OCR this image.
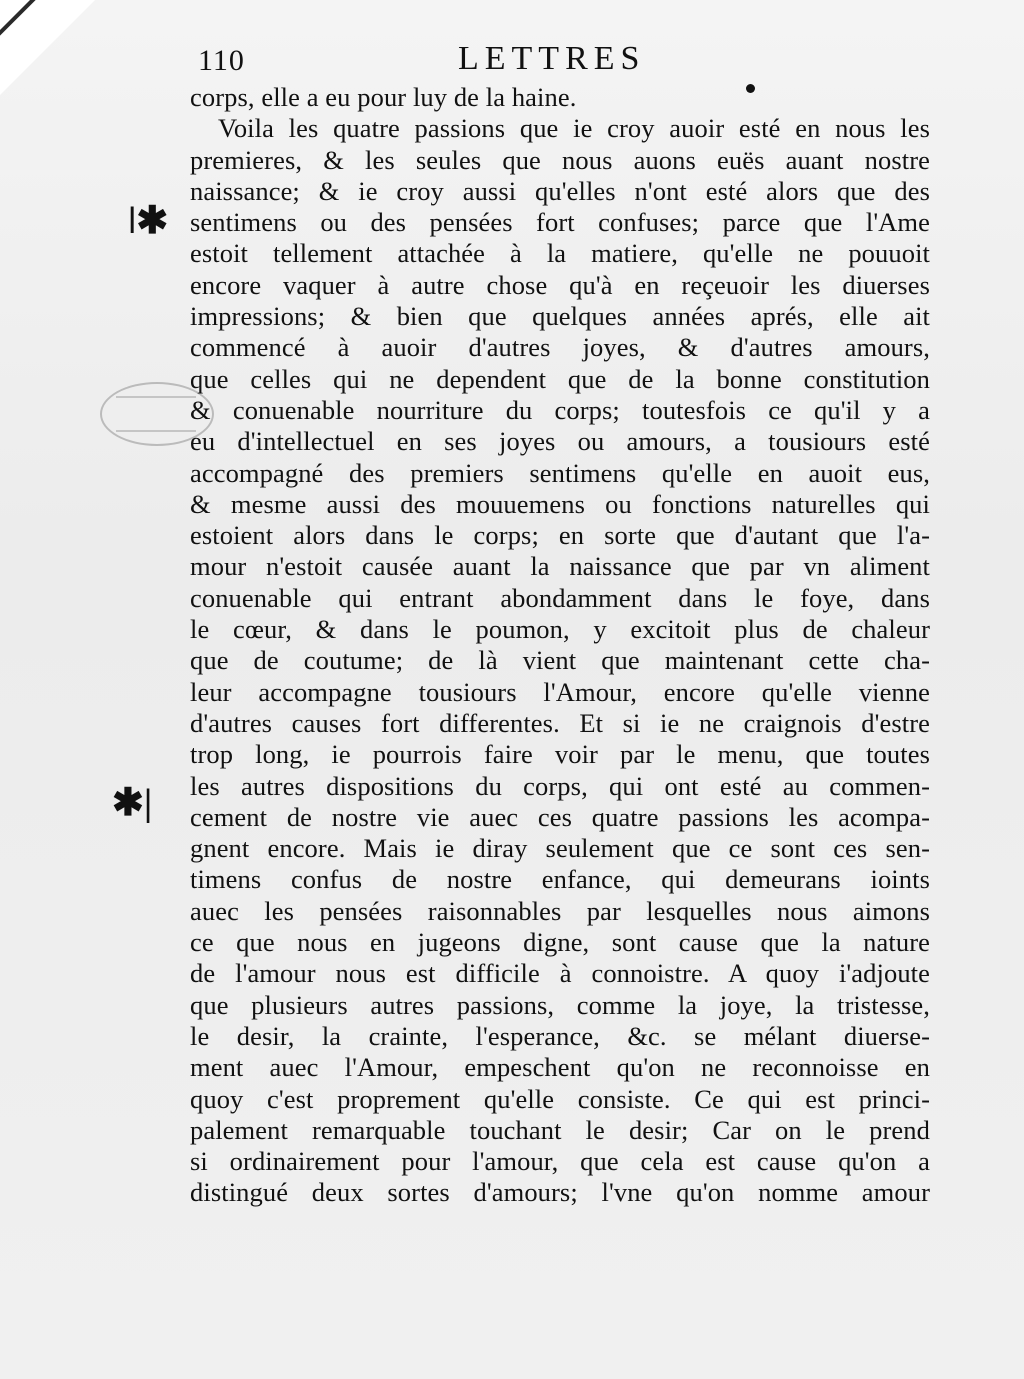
110	LETTRES
ǀ✱
✱|
corps, elle a eu pour luy de la haine.
Voila les quatre passions que ie croy auoir esté en nous les
premieres, & les seules que nous auons euës auant nostre
naissance; & ie croy aussi qu'elles n'ont esté alors que des
sentimens ou des pensées fort confuses; parce que l'Ame
estoit tellement attachée à la matiere, qu'elle ne pouuoit
encore vaquer à autre chose qu'à en reçeuoir les diuerses
impressions; & bien que quelques années aprés, elle ait
commencé à auoir d'autres joyes, & d'autres amours,
que celles qui ne dependent que de la bonne constitution
& conuenable nourriture du corps; toutesfois ce qu'il y a
eu d'intellectuel en ses joyes ou amours, a tousiours esté
accompagné des premiers sentimens qu'elle en auoit eus,
& mesme aussi des mouuemens ou fonctions naturelles qui
estoient alors dans le corps; en sorte que d'autant que l'a-
mour n'estoit causée auant la naissance que par vn aliment
conuenable qui entrant abondamment dans le foye, dans
le cœur, & dans le poumon, y excitoit plus de chaleur
que de coutume; de là vient que maintenant cette cha-
leur accompagne tousiours l'Amour, encore qu'elle vienne
d'autres causes fort differentes. Et si ie ne craignois d'estre
trop long, ie pourrois faire voir par le menu, que toutes
les autres dispositions du corps, qui ont esté au commen-
cement de nostre vie auec ces quatre passions les acompa-
gnent encore. Mais ie diray seulement que ce sont ces sen-
timens confus de nostre enfance, qui demeurans ioints
auec les pensées raisonnables par lesquelles nous aimons
ce que nous en jugeons digne, sont cause que la nature
de l'amour nous est difficile à connoistre. A quoy i'adjoute
que plusieurs autres passions, comme la joye, la tristesse,
le desir, la crainte, l'esperance, &c. se mélant diuerse-
ment auec l'Amour, empeschent qu'on ne reconnoisse en
quoy c'est proprement qu'elle consiste. Ce qui est princi-
palement remarquable touchant le desir; Car on le prend
si ordinairement pour l'amour, que cela est cause qu'on a
distingué deux sortes d'amours; l'vne qu'on nomme amour
